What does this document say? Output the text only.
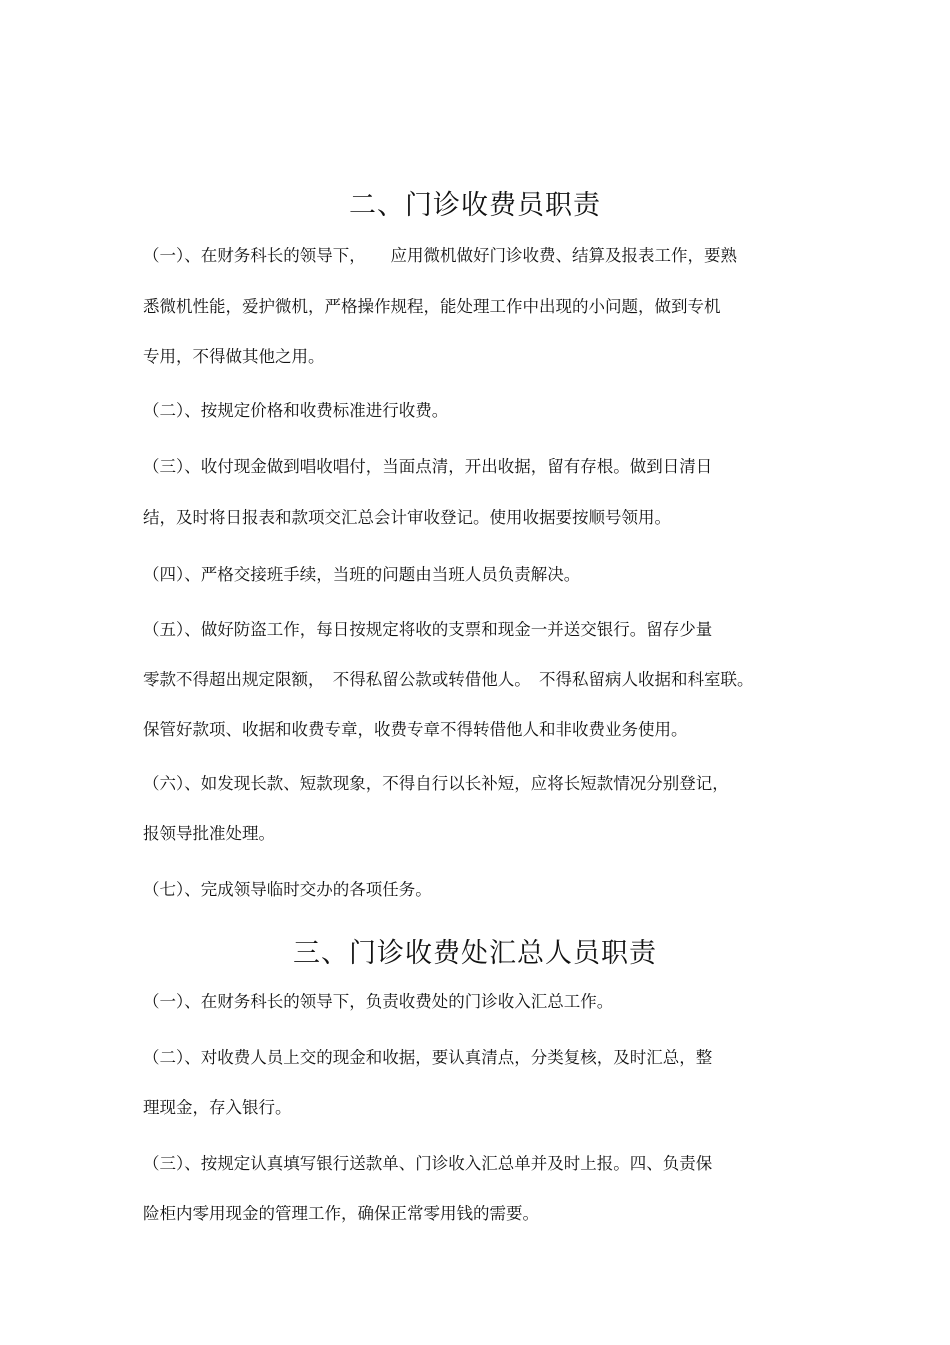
二、门诊收费员职责

（一）、在财务科长的领导下，　　应用微机做好门诊收费、结算及报表工作，要熟

悉微机性能，爱护微机，严格操作规程，能处理工作中出现的小问题，做到专机

专用，不得做其他之用。

（二）、按规定价格和收费标准进行收费。

（三）、收付现金做到唱收唱付，当面点清，开出收据，留有存根。做到日清日

结，及时将日报表和款项交汇总会计审收登记。使用收据要按顺号领用。

（四）、严格交接班手续，当班的问题由当班人员负责解决。

（五）、做好防盗工作，每日按规定将收的支票和现金一并送交银行。留存少量

零款不得超出规定限额，　不得私留公款或转借他人。　不得私留病人收据和科室联。

保管好款项、收据和收费专章，收费专章不得转借他人和非收费业务使用。

（六）、如发现长款、短款现象，不得自行以长补短，应将长短款情况分别登记，

报领导批准处理。

（七）、完成领导临时交办的各项任务。

三、门诊收费处汇总人员职责

（一）、在财务科长的领导下，负责收费处的门诊收入汇总工作。

（二）、对收费人员上交的现金和收据，要认真清点，分类复核，及时汇总，整

理现金，存入银行。

（三）、按规定认真填写银行送款单、门诊收入汇总单并及时上报。四、负责保

险柜内零用现金的管理工作，确保正常零用钱的需要。
